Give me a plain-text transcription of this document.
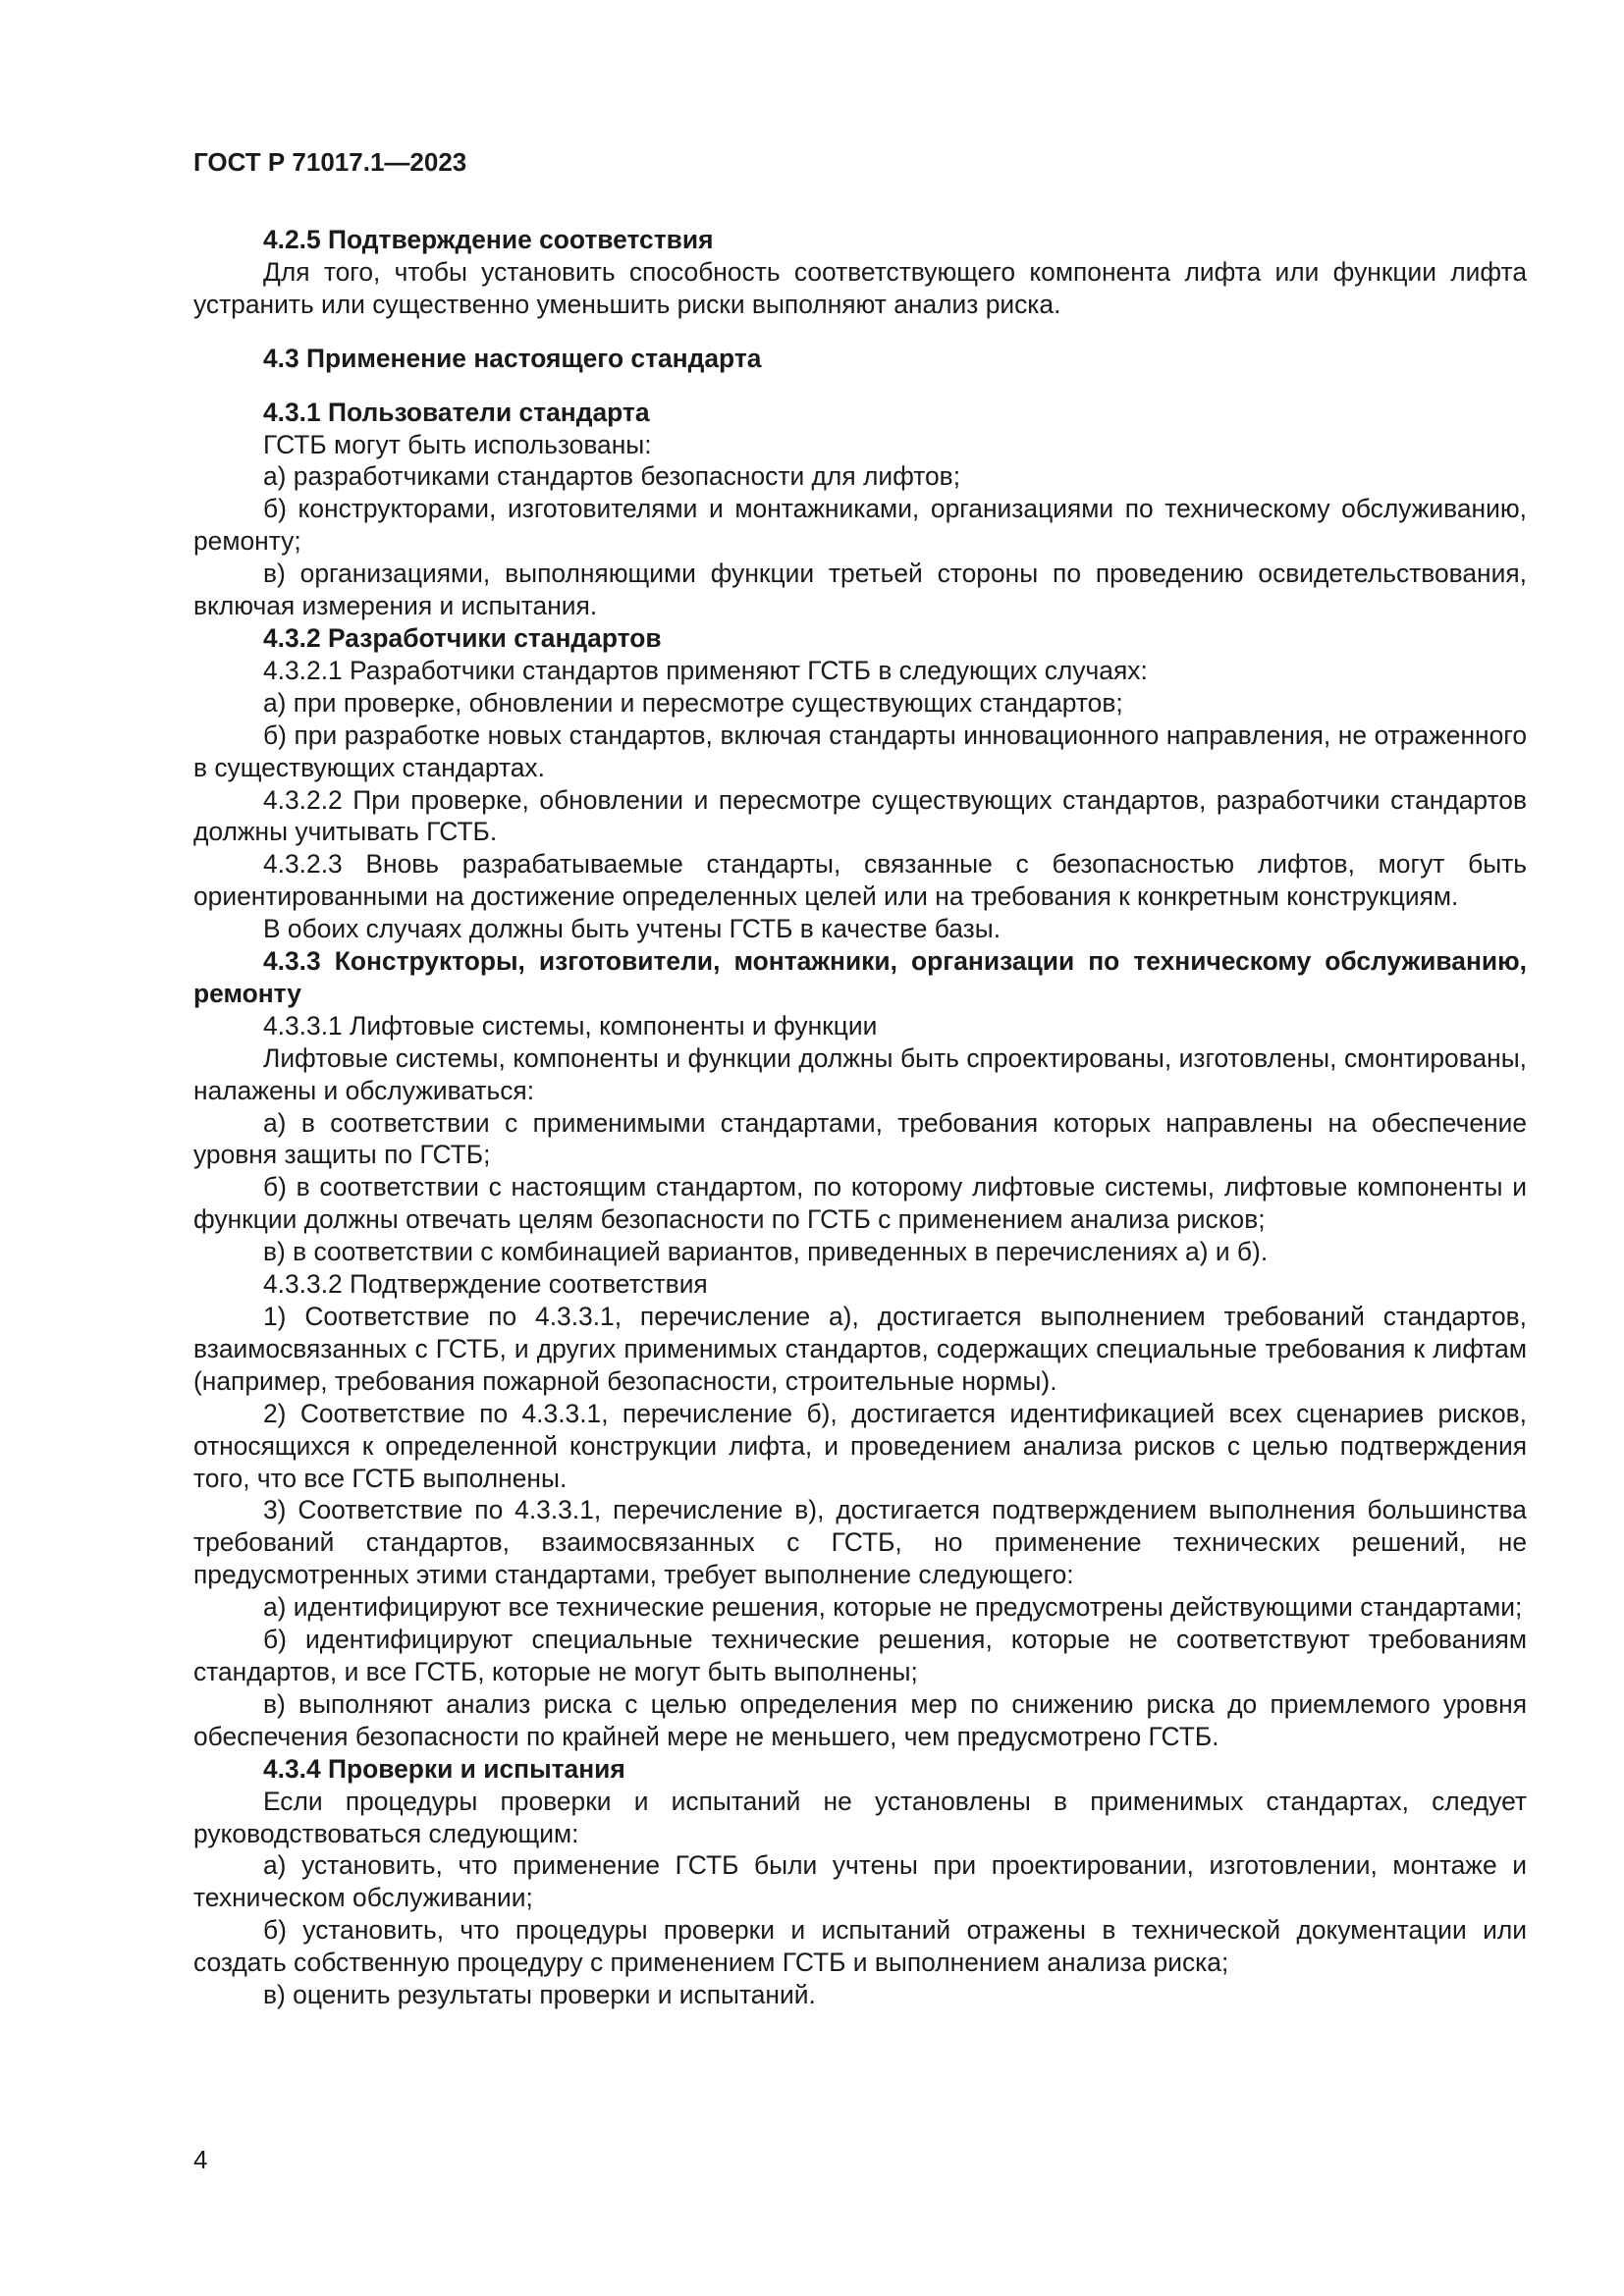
ГОСТ Р 71017.1—2023

4.2.5 Подтверждение соответствия

Для того, чтобы установить способность соответствующего компонента лифта или функции лифта устранить или существенно уменьшить риски выполняют анализ риска.

4.3 Применение настоящего стандарта

4.3.1 Пользователи стандарта

ГСТБ могут быть использованы:

а) разработчиками стандартов безопасности для лифтов;

б) конструкторами, изготовителями и монтажниками, организациями по техническому обслуживанию, ремонту;

в) организациями, выполняющими функции третьей стороны по проведению освидетельствования, включая измерения и испытания.

4.3.2 Разработчики стандартов

4.3.2.1 Разработчики стандартов применяют ГСТБ в следующих случаях:

а) при проверке, обновлении и пересмотре существующих стандартов;

б) при разработке новых стандартов, включая стандарты инновационного направления, не отраженного в существующих стандартах.

4.3.2.2 При проверке, обновлении и пересмотре существующих стандартов, разработчики стандартов должны учитывать ГСТБ.

4.3.2.3 Вновь разрабатываемые стандарты, связанные с безопасностью лифтов, могут быть ориентированными на достижение определенных целей или на требования к конкретным конструкциям.

В обоих случаях должны быть учтены ГСТБ в качестве базы.

4.3.3 Конструкторы, изготовители, монтажники, организации по техническому обслуживанию, ремонту

4.3.3.1 Лифтовые системы, компоненты и функции

Лифтовые системы, компоненты и функции должны быть спроектированы, изготовлены, смонтированы, налажены и обслуживаться:

а) в соответствии с применимыми стандартами, требования которых направлены на обеспечение уровня защиты по ГСТБ;

б) в соответствии с настоящим стандартом, по которому лифтовые системы, лифтовые компоненты и функции должны отвечать целям безопасности по ГСТБ с применением анализа рисков;

в) в соответствии с комбинацией вариантов, приведенных в перечислениях а) и б).

4.3.3.2 Подтверждение соответствия

1) Соответствие по 4.3.3.1, перечисление а), достигается выполнением требований стандартов, взаимосвязанных с ГСТБ, и других применимых стандартов, содержащих специальные требования к лифтам (например, требования пожарной безопасности, строительные нормы).

2) Соответствие по 4.3.3.1, перечисление б), достигается идентификацией всех сценариев рисков, относящихся к определенной конструкции лифта, и проведением анализа рисков с целью подтверждения того, что все ГСТБ выполнены.

3) Соответствие по 4.3.3.1, перечисление в), достигается подтверждением выполнения большинства требований стандартов, взаимосвязанных с ГСТБ, но применение технических решений, не предусмотренных этими стандартами, требует выполнение следующего:

а) идентифицируют все технические решения, которые не предусмотрены действующими стандартами;

б) идентифицируют специальные технические решения, которые не соответствуют требованиям стандартов, и все ГСТБ, которые не могут быть выполнены;

в) выполняют анализ риска с целью определения мер по снижению риска до приемлемого уровня обеспечения безопасности по крайней мере не меньшего, чем предусмотрено ГСТБ.

4.3.4 Проверки и испытания

Если процедуры проверки и испытаний не установлены в применимых стандартах, следует руководствоваться следующим:

а) установить, что применение ГСТБ были учтены при проектировании, изготовлении, монтаже и техническом обслуживании;

б) установить, что процедуры проверки и испытаний отражены в технической документации или создать собственную процедуру с применением ГСТБ и выполнением анализа риска;

в) оценить результаты проверки и испытаний.

4
